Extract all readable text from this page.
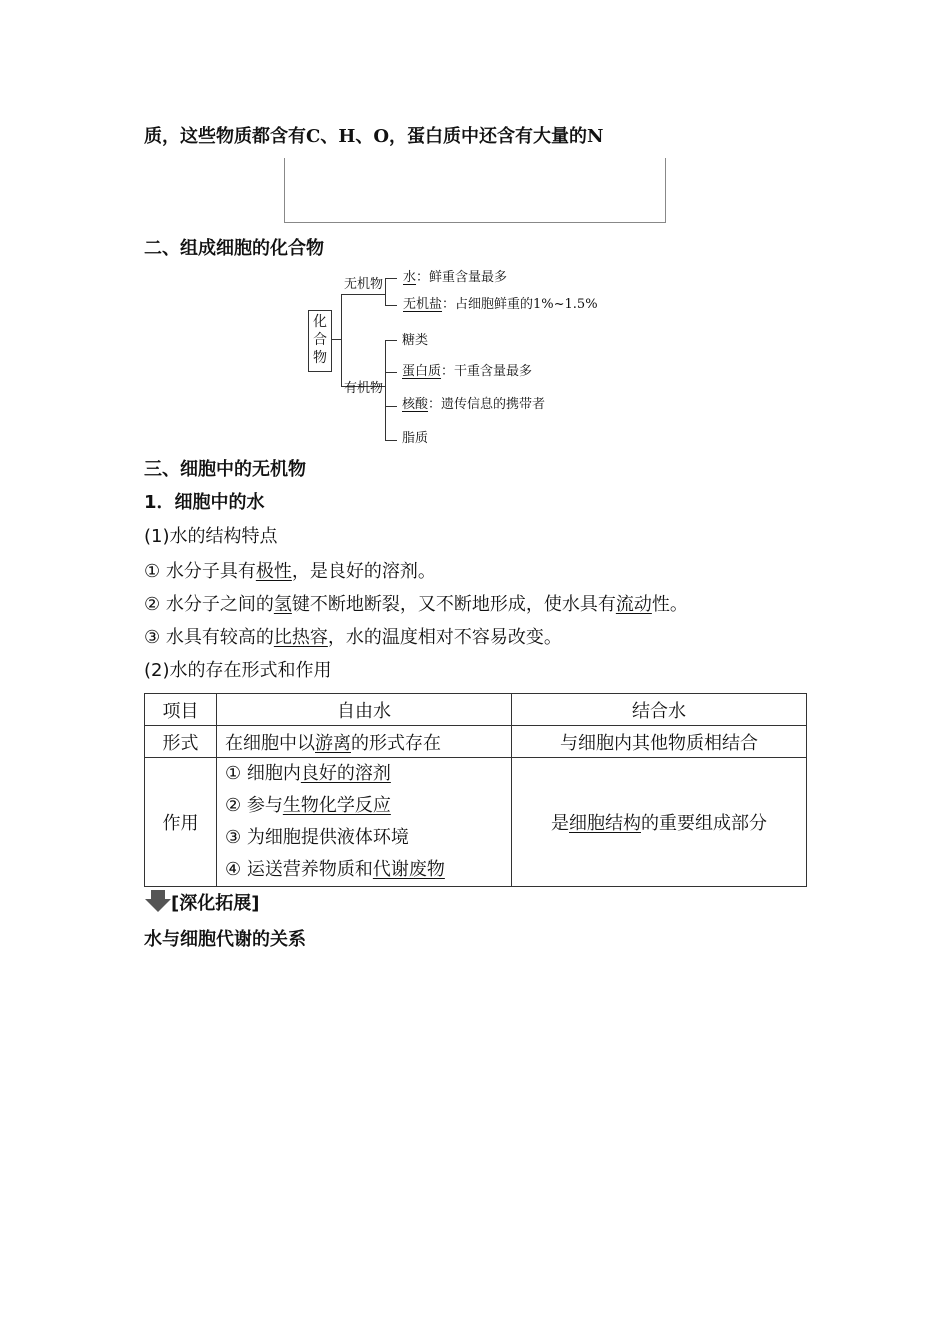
质，这些物质都含有C、H、O，蛋白质中还含有大量的N
二、组成细胞的化合物
化合物
无机物
有机物
水：鲜重含量最多
无机盐：占细胞鲜重的1%~1.5%
糖类
蛋白质：干重含量最多
核酸：遗传信息的携带者
脂质
三、细胞中的无机物
1．细胞中的水
(1)水的结构特点
① 水分子具有极性，是良好的溶剂。
② 水分子之间的氢键不断地断裂，又不断地形成，使水具有流动性。
③ 水具有较高的比热容，水的温度相对不容易改变。
(2)水的存在形式和作用
项目	自由水	结合水
形式	在细胞中以游离的形式存在	与细胞内其他物质相结合
作用	① 细胞内良好的溶剂
② 参与生物化学反应
③ 为细胞提供液体环境
④ 运送营养物质和代谢废物	是细胞结构的重要组成部分
[深化拓展]
水与细胞代谢的关系
